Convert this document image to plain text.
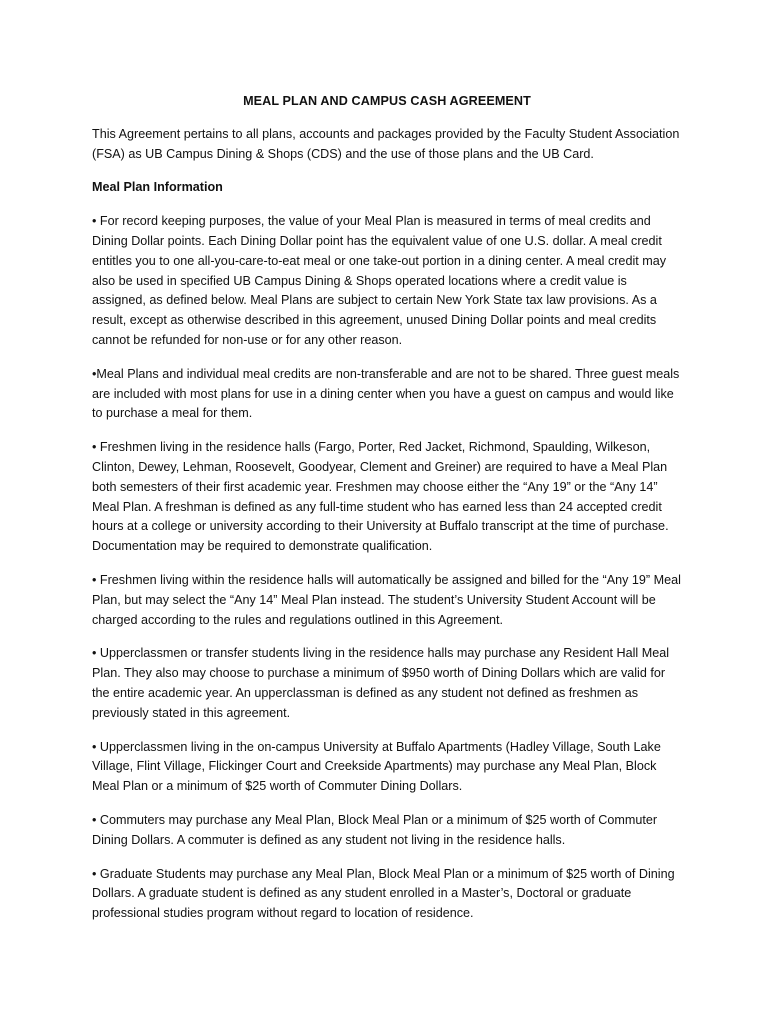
MEAL PLAN AND CAMPUS CASH AGREEMENT
This Agreement pertains to all plans, accounts and packages provided by the Faculty Student Association (FSA) as UB Campus Dining & Shops (CDS) and the use of those plans and the UB Card.
Meal Plan Information
• For record keeping purposes, the value of your Meal Plan is measured in terms of meal credits and Dining Dollar points. Each Dining Dollar point has the equivalent value of one U.S. dollar. A meal credit entitles you to one all-you-care-to-eat meal or one take-out portion in a dining center. A meal credit may also be used in specified UB Campus Dining & Shops operated locations where a credit value is assigned, as defined below. Meal Plans are subject to certain New York State tax law provisions. As a result, except as otherwise described in this agreement, unused Dining Dollar points and meal credits cannot be refunded for non-use or for any other reason.
•Meal Plans and individual meal credits are non-transferable and are not to be shared. Three guest meals are included with most plans for use in a dining center when you have a guest on campus and would like to purchase a meal for them.
• Freshmen living in the residence halls (Fargo, Porter, Red Jacket, Richmond, Spaulding, Wilkeson, Clinton, Dewey, Lehman, Roosevelt, Goodyear, Clement and Greiner) are required to have a Meal Plan both semesters of their first academic year. Freshmen may choose either the “Any 19” or the “Any 14” Meal Plan. A freshman is defined as any full-time student who has earned less than 24 accepted credit hours at a college or university according to their University at Buffalo transcript at the time of purchase. Documentation may be required to demonstrate qualification.
• Freshmen living within the residence halls will automatically be assigned and billed for the “Any 19” Meal Plan, but may select the “Any 14” Meal Plan instead. The student’s University Student Account will be charged according to the rules and regulations outlined in this Agreement.
• Upperclassmen or transfer students living in the residence halls may purchase any Resident Hall Meal Plan. They also may choose to purchase a minimum of $950 worth of Dining Dollars which are valid for the entire academic year. An upperclassman is defined as any student not defined as freshmen as previously stated in this agreement.
• Upperclassmen living in the on-campus University at Buffalo Apartments (Hadley Village, South Lake Village, Flint Village, Flickinger Court and Creekside Apartments) may purchase any Meal Plan, Block Meal Plan or a minimum of $25 worth of Commuter Dining Dollars.
• Commuters may purchase any Meal Plan, Block Meal Plan or a minimum of $25 worth of Commuter Dining Dollars. A commuter is defined as any student not living in the residence halls.
• Graduate Students may purchase any Meal Plan, Block Meal Plan or a minimum of $25 worth of Dining Dollars. A graduate student is defined as any student enrolled in a Master’s, Doctoral or graduate professional studies program without regard to location of residence.
